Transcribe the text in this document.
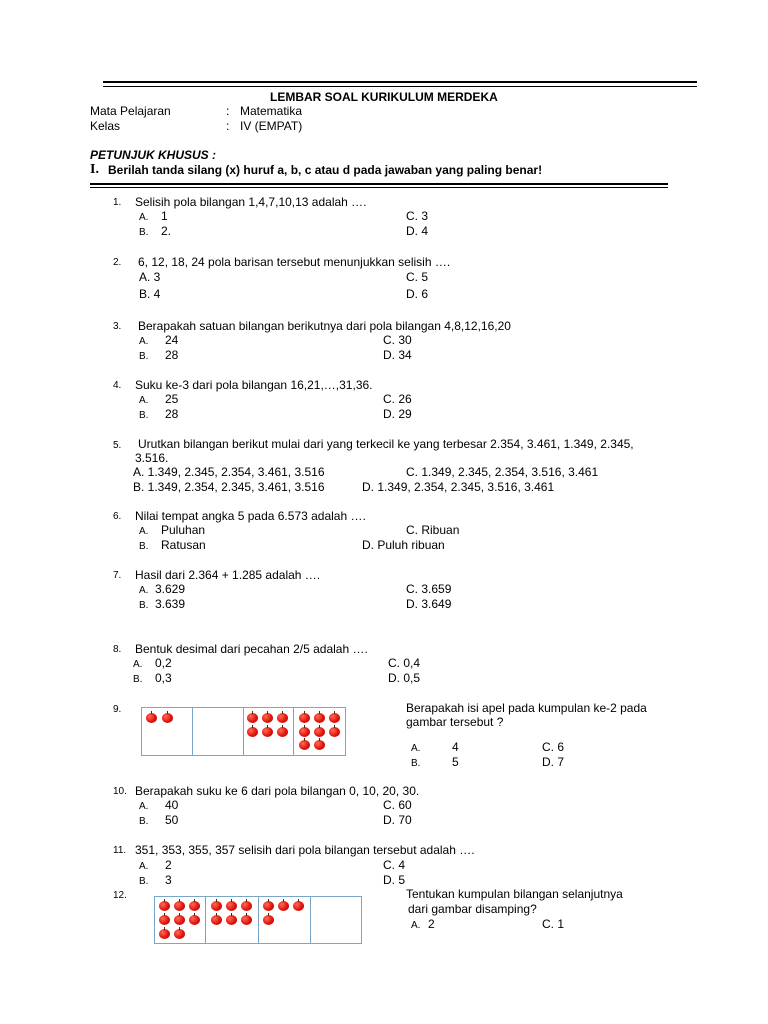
LEMBAR SOAL KURIKULUM MERDEKA
Mata Pelajaran	: Matematika
Kelas	: IV (EMPAT)
PETUNJUK KHUSUS :
I. Berilah tanda silang (x) huruf a, b, c atau d pada jawaban yang paling benar!
1. Selisih pola bilangan 1,4,7,10,13 adalah ….
A. 1	C. 3
B. 2.	D. 4
2. 6, 12, 18, 24 pola barisan tersebut menunjukkan selisih ….
A. 3	C. 5
B. 4	D. 6
3. Berapakah satuan bilangan berikutnya dari pola bilangan 4,8,12,16,20
A. 24	C. 30
B. 28	D. 34
4. Suku ke-3 dari pola bilangan 16,21,…,31,36.
A. 25	C. 26
B. 28	D. 29
5. Urutkan bilangan berikut mulai dari yang terkecil ke yang terbesar 2.354, 3.461, 1.349, 2.345,
3.516.
A. 1.349, 2.345, 2.354, 3.461, 3.516	C. 1.349, 2.345, 2.354, 3.516, 3.461
B. 1.349, 2.354, 2.345, 3.461, 3.516	D. 1.349, 2.354, 2.345, 3.516, 3.461
6. Nilai tempat angka 5 pada 6.573 adalah ….
A. Puluhan	C. Ribuan
B. Ratusan	D. Puluh ribuan
7. Hasil dari 2.364 + 1.285 adalah ….
A. 3.629	C. 3.659
B. 3.639	D. 3.649
8. Bentuk desimal dari pecahan 2/5 adalah ….
A. 0,2	C. 0,4
B. 0,3	D. 0,5
9.	Berapakah isi apel pada kumpulan ke-2 pada
gambar tersebut ?
A.	4	C. 6
B.	5	D. 7
10. Berapakah suku ke 6 dari pola bilangan 0, 10, 20, 30.
A. 40	C. 60
B. 50	D. 70
11. 351, 353, 355, 357 selisih dari pola bilangan tersebut adalah ….
A. 2	C. 4
B. 3	D. 5
12.	Tentukan kumpulan bilangan selanjutnya
dari gambar disamping?
A. 2	C. 1
